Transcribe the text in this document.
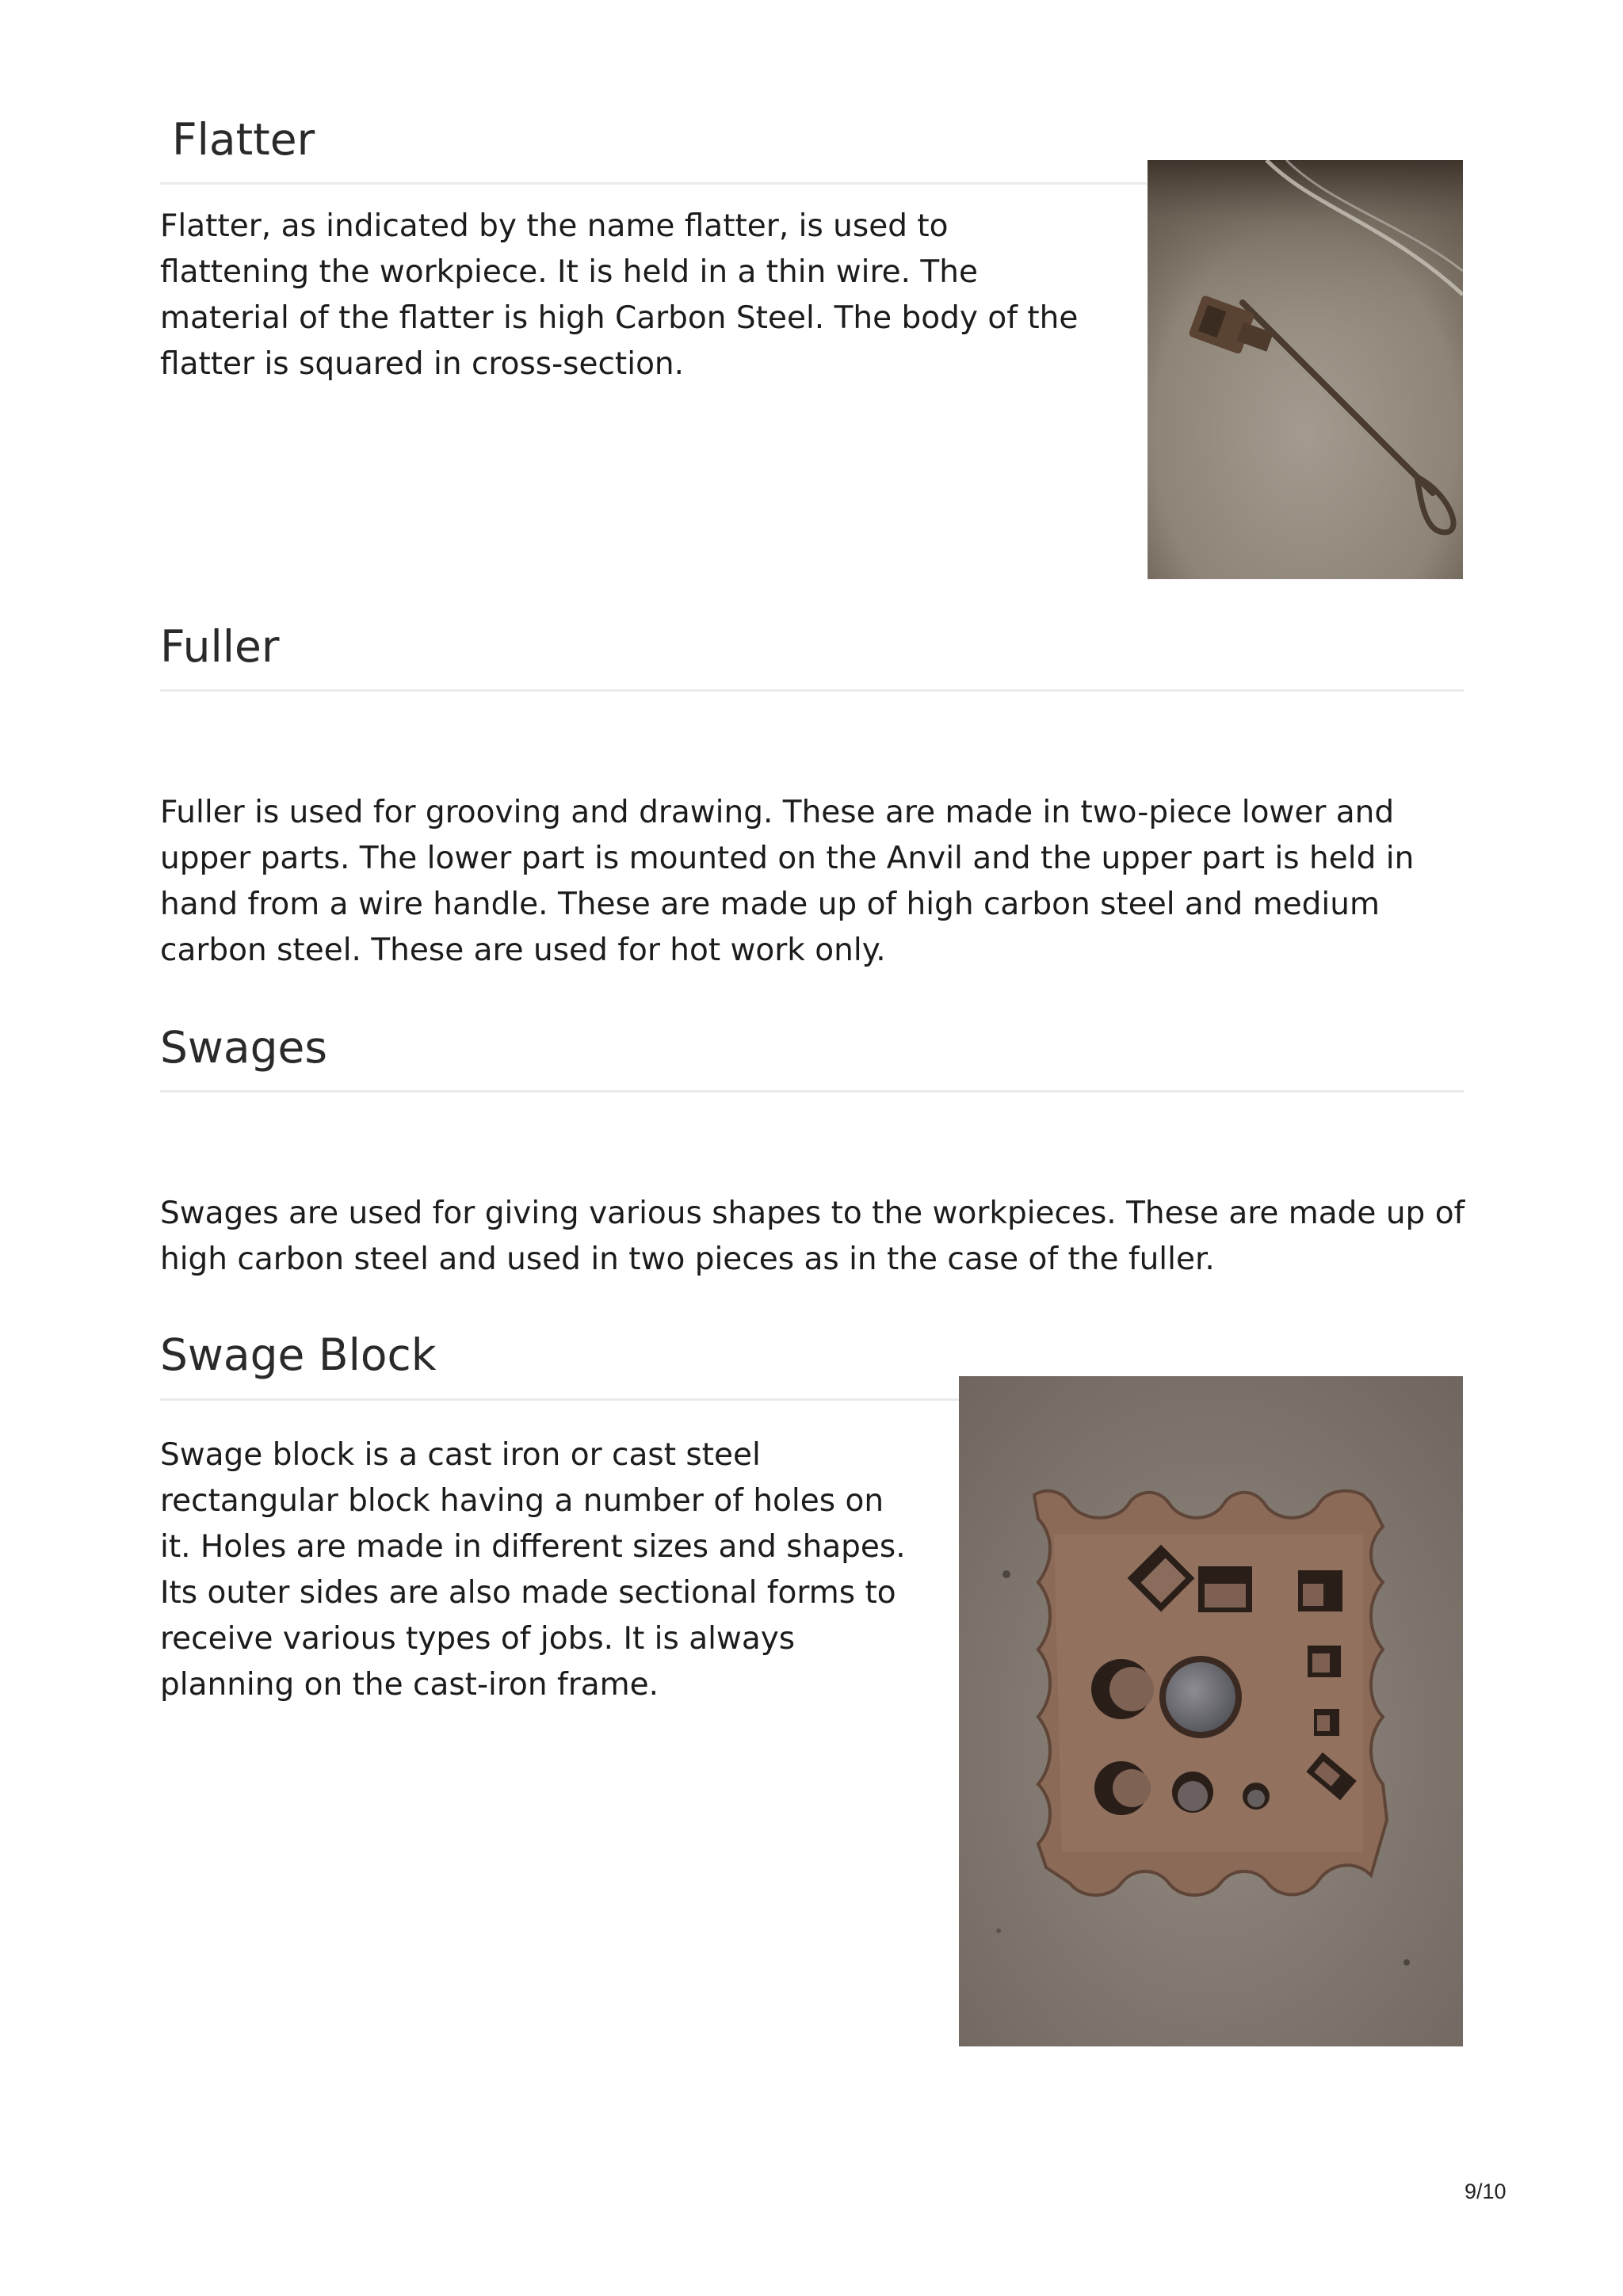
Flatter

Flatter, as indicated by the name flatter, is used to flattening the workpiece. It is held in a thin wire. The material of the flatter is high Carbon Steel. The body of the flatter is squared in cross-section.

Fuller

Fuller is used for grooving and drawing. These are made in two-piece lower and upper parts. The lower part is mounted on the Anvil and the upper part is held in hand from a wire handle. These are made up of high carbon steel and medium carbon steel. These are used for hot work only.

Swages

Swages are used for giving various shapes to the workpieces. These are made up of high carbon steel and used in two pieces as in the case of the fuller.

Swage Block

Swage block is a cast iron or cast steel rectangular block having a number of holes on it. Holes are made in different sizes and shapes. Its outer sides are also made sectional forms to receive various types of jobs. It is always planning on the cast-iron frame.

9/10
